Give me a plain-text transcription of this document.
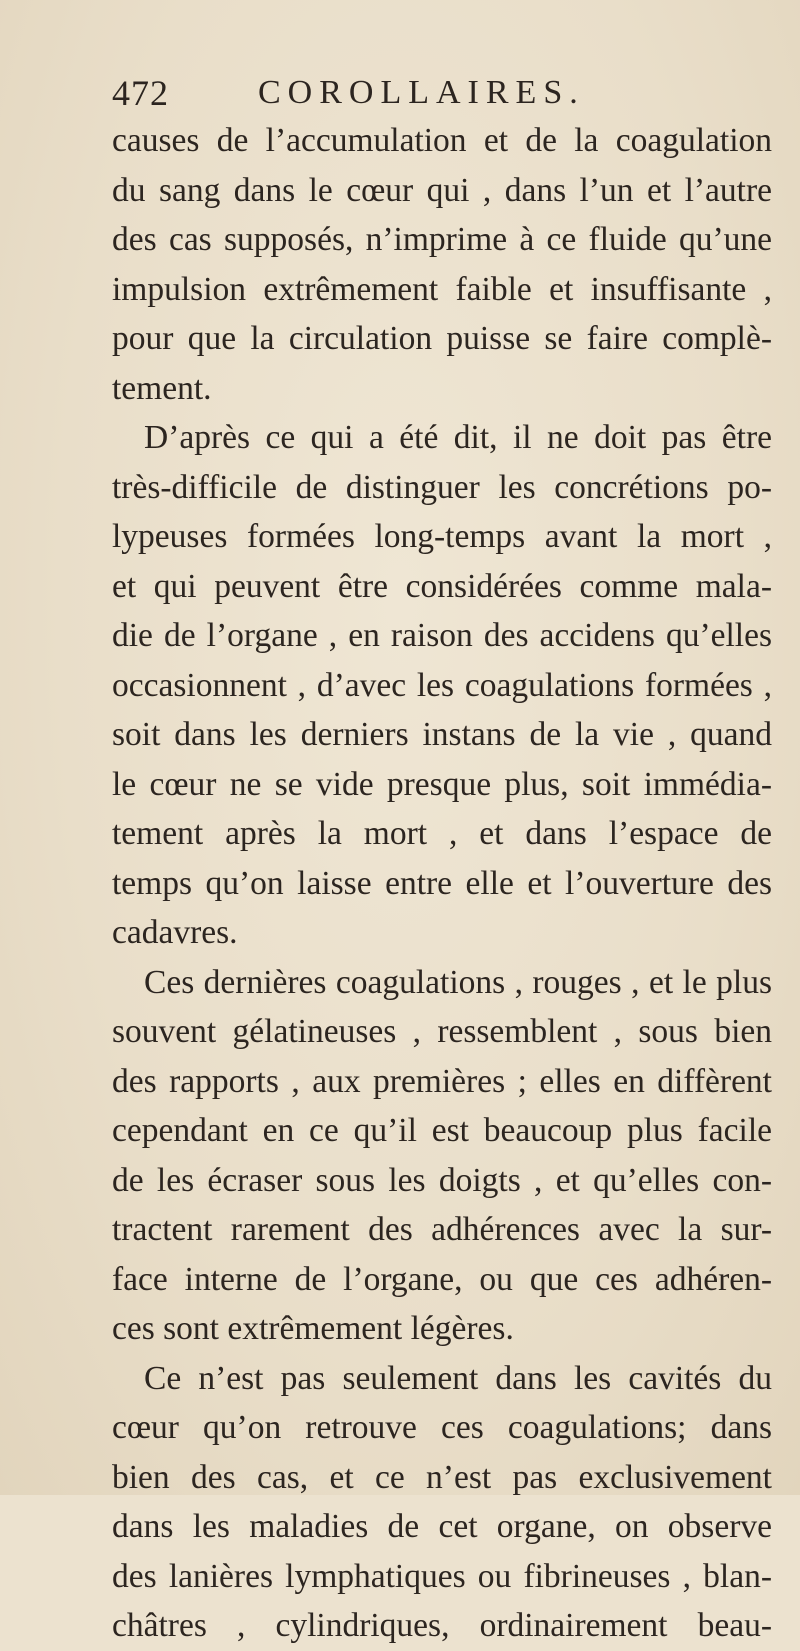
472	COROLLAIRES.
causes de l’accumulation et de la coagulation
du sang dans le cœur qui , dans l’un et l’autre
des cas supposés, n’imprime à ce fluide qu’une
impulsion extrêmement faible et insuffisante ,
pour que la circulation puisse se faire complè-
tement.
D’après ce qui a été dit, il ne doit pas être
très-difficile de distinguer les concrétions po-
lypeuses formées long-temps avant la mort ,
et qui peuvent être considérées comme mala-
die de l’organe , en raison des accidens qu’elles
occasionnent , d’avec les coagulations formées ,
soit dans les derniers instans de la vie , quand
le cœur ne se vide presque plus, soit immédia-
tement après la mort , et dans l’espace de
temps qu’on laisse entre elle et l’ouverture des
cadavres.
Ces dernières coagulations , rouges , et le plus
souvent gélatineuses , ressemblent , sous bien
des rapports , aux premières ; elles en diffèrent
cependant en ce qu’il est beaucoup plus facile
de les écraser sous les doigts , et qu’elles con-
tractent rarement des adhérences avec la sur-
face interne de l’organe, ou que ces adhéren-
ces sont extrêmement légères.
Ce n’est pas seulement dans les cavités du
cœur qu’on retrouve ces coagulations; dans
bien des cas, et ce n’est pas exclusivement
dans les maladies de cet organe, on observe
des lanières lymphatiques ou fibrineuses , blan-
châtres , cylindriques, ordinairement beau-
